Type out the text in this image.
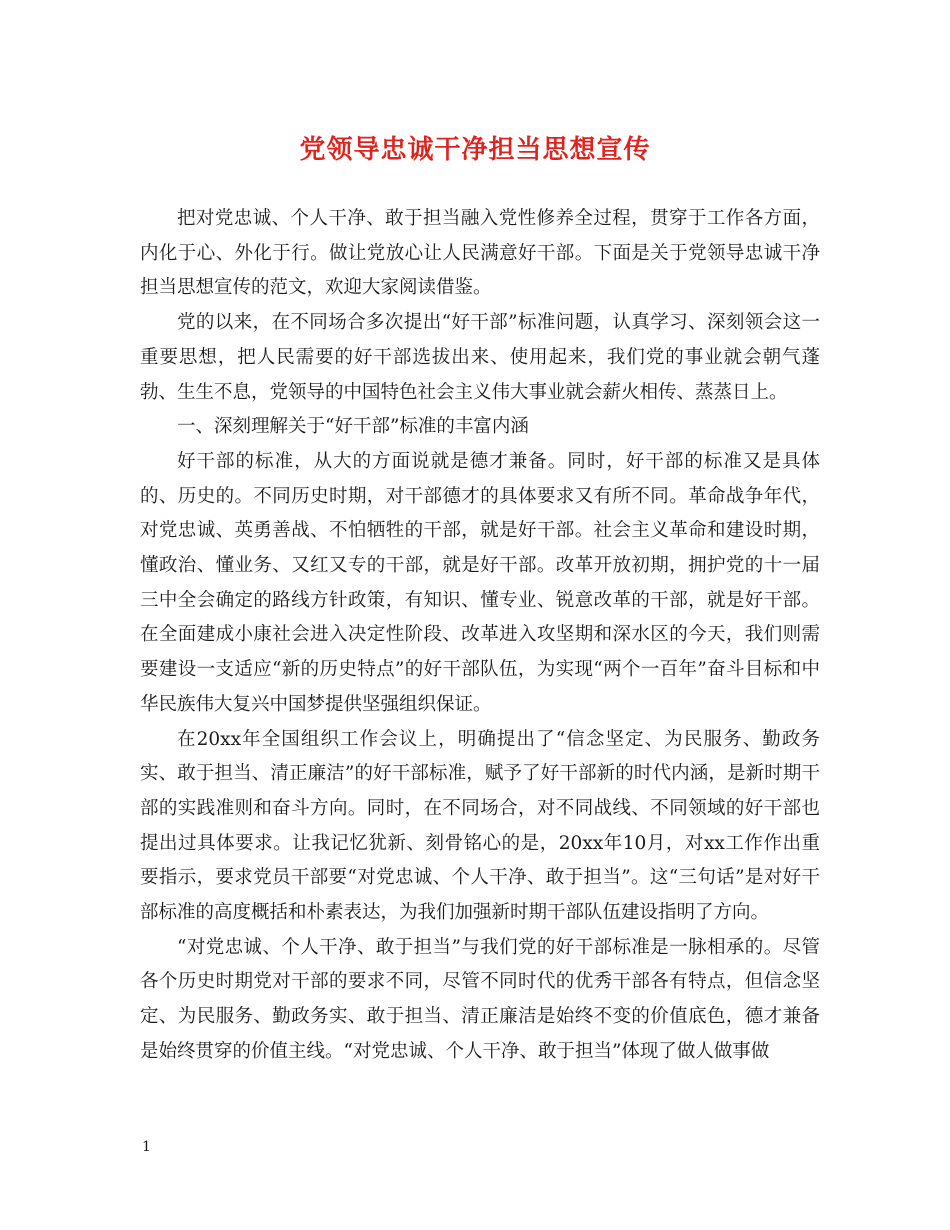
党领导忠诚干净担当思想宣传

把对党忠诚、个人干净、敢于担当融入党性修养全过程，贯穿于工作各方面，内化于心、外化于行。做让党放心让人民满意好干部。下面是关于党领导忠诚干净担当思想宣传的范文，欢迎大家阅读借鉴。

党的以来，在不同场合多次提出“好干部”标准问题，认真学习、深刻领会这一重要思想，把人民需要的好干部选拔出来、使用起来，我们党的事业就会朝气蓬勃、生生不息，党领导的中国特色社会主义伟大事业就会薪火相传、蒸蒸日上。

一、深刻理解关于“好干部”标准的丰富内涵

好干部的标准，从大的方面说就是德才兼备。同时，好干部的标准又是具体的、历史的。不同历史时期，对干部德才的具体要求又有所不同。革命战争年代，对党忠诚、英勇善战、不怕牺牲的干部，就是好干部。社会主义革命和建设时期，懂政治、懂业务、又红又专的干部，就是好干部。改革开放初期，拥护党的十一届三中全会确定的路线方针政策，有知识、懂专业、锐意改革的干部，就是好干部。在全面建成小康社会进入决定性阶段、改革进入攻坚期和深水区的今天，我们则需要建设一支适应“新的历史特点”的好干部队伍，为实现“两个一百年”奋斗目标和中华民族伟大复兴中国梦提供坚强组织保证。

在20xx年全国组织工作会议上，明确提出了“信念坚定、为民服务、勤政务实、敢于担当、清正廉洁”的好干部标准，赋予了好干部新的时代内涵，是新时期干部的实践准则和奋斗方向。同时，在不同场合，对不同战线、不同领域的好干部也提出过具体要求。让我记忆犹新、刻骨铭心的是，20xx年10月，对xx工作作出重要指示，要求党员干部要“对党忠诚、个人干净、敢于担当”。这“三句话”是对好干部标准的高度概括和朴素表达，为我们加强新时期干部队伍建设指明了方向。

“对党忠诚、个人干净、敢于担当”与我们党的好干部标准是一脉相承的。尽管各个历史时期党对干部的要求不同，尽管不同时代的优秀干部各有特点，但信念坚定、为民服务、勤政务实、敢于担当、清正廉洁是始终不变的价值底色，德才兼备是始终贯穿的价值主线。“对党忠诚、个人干净、敢于担当”体现了做人做事做

1
